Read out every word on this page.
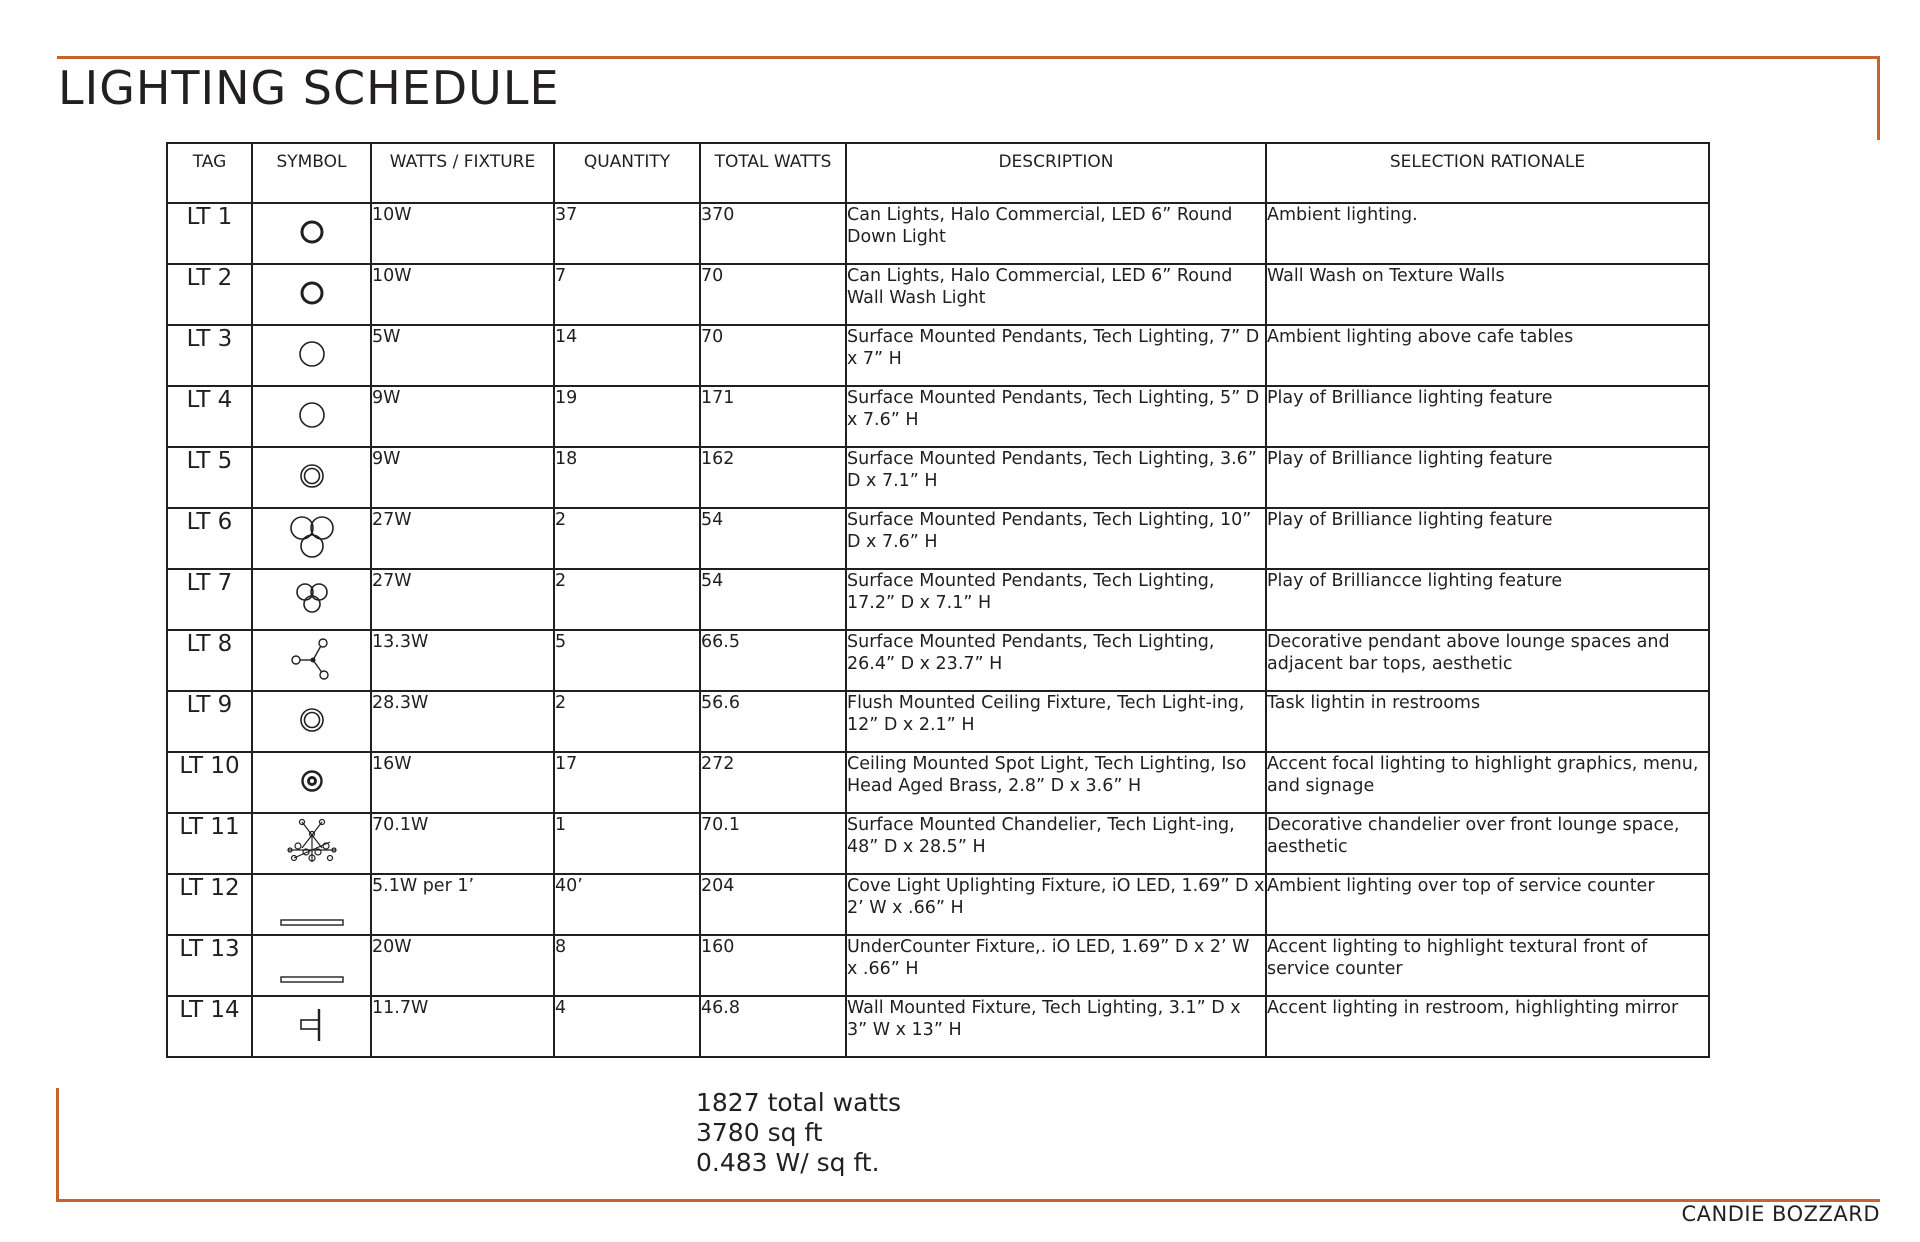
LIGHTING SCHEDULE
TAG	SYMBOL	WATTS / FIXTURE	QUANTITY	TOTAL WATTS	DESCRIPTION	SELECTION RATIONALE
LT 1		10W	37	370	Can Lights, Halo Commercial, LED 6” Round Down Light	Ambient lighting.
LT 2		10W	7	70	Can Lights, Halo Commercial, LED 6” Round Wall Wash Light	Wall Wash on Texture Walls
LT 3		5W	14	70	Surface Mounted Pendants, Tech Lighting, 7” D x 7” H	Ambient lighting above cafe tables
LT 4		9W	19	171	Surface Mounted Pendants, Tech Lighting, 5” D x 7.6” H	Play of Brilliance lighting feature
LT 5		9W	18	162	Surface Mounted Pendants, Tech Lighting, 3.6” D x 7.1” H	Play of Brilliance lighting feature
LT 6		27W	2	54	Surface Mounted Pendants, Tech Lighting, 10” D x 7.6” H	Play of Brilliance lighting feature
LT 7		27W	2	54	Surface Mounted Pendants, Tech Lighting, 17.2” D x 7.1” H	Play of Brilliancce lighting feature
LT 8		13.3W	5	66.5	Surface Mounted Pendants, Tech Lighting, 26.4” D x 23.7” H	Decorative pendant above lounge spaces and adjacent bar tops, aesthetic
LT 9		28.3W	2	56.6	Flush Mounted Ceiling Fixture, Tech Light-ing, 12” D x 2.1” H	Task lightin in restrooms
LT 10		16W	17	272	Ceiling Mounted Spot Light, Tech Lighting, Iso Head Aged Brass, 2.8” D x 3.6” H	Accent focal lighting to highlight graphics, menu, and signage
LT 11		70.1W	1	70.1	Surface Mounted Chandelier, Tech Light-ing, 48” D x 28.5” H	Decorative chandelier over front lounge space, aesthetic
LT 12		5.1W per 1’	40’	204	Cove Light Uplighting Fixture, iO LED, 1.69” D x 2’ W x .66” H	Ambient lighting over top of service counter
LT 13		20W	8	160	UnderCounter Fixture,. iO LED, 1.69” D x 2’ W x .66” H	Accent lighting to highlight textural front of service counter
LT 14		11.7W	4	46.8	Wall Mounted Fixture, Tech Lighting, 3.1” D x 3” W x 13” H	Accent lighting in restroom, highlighting mirror
1827 total watts
3780 sq ft
0.483 W/ sq ft.
CANDIE BOZZARD
